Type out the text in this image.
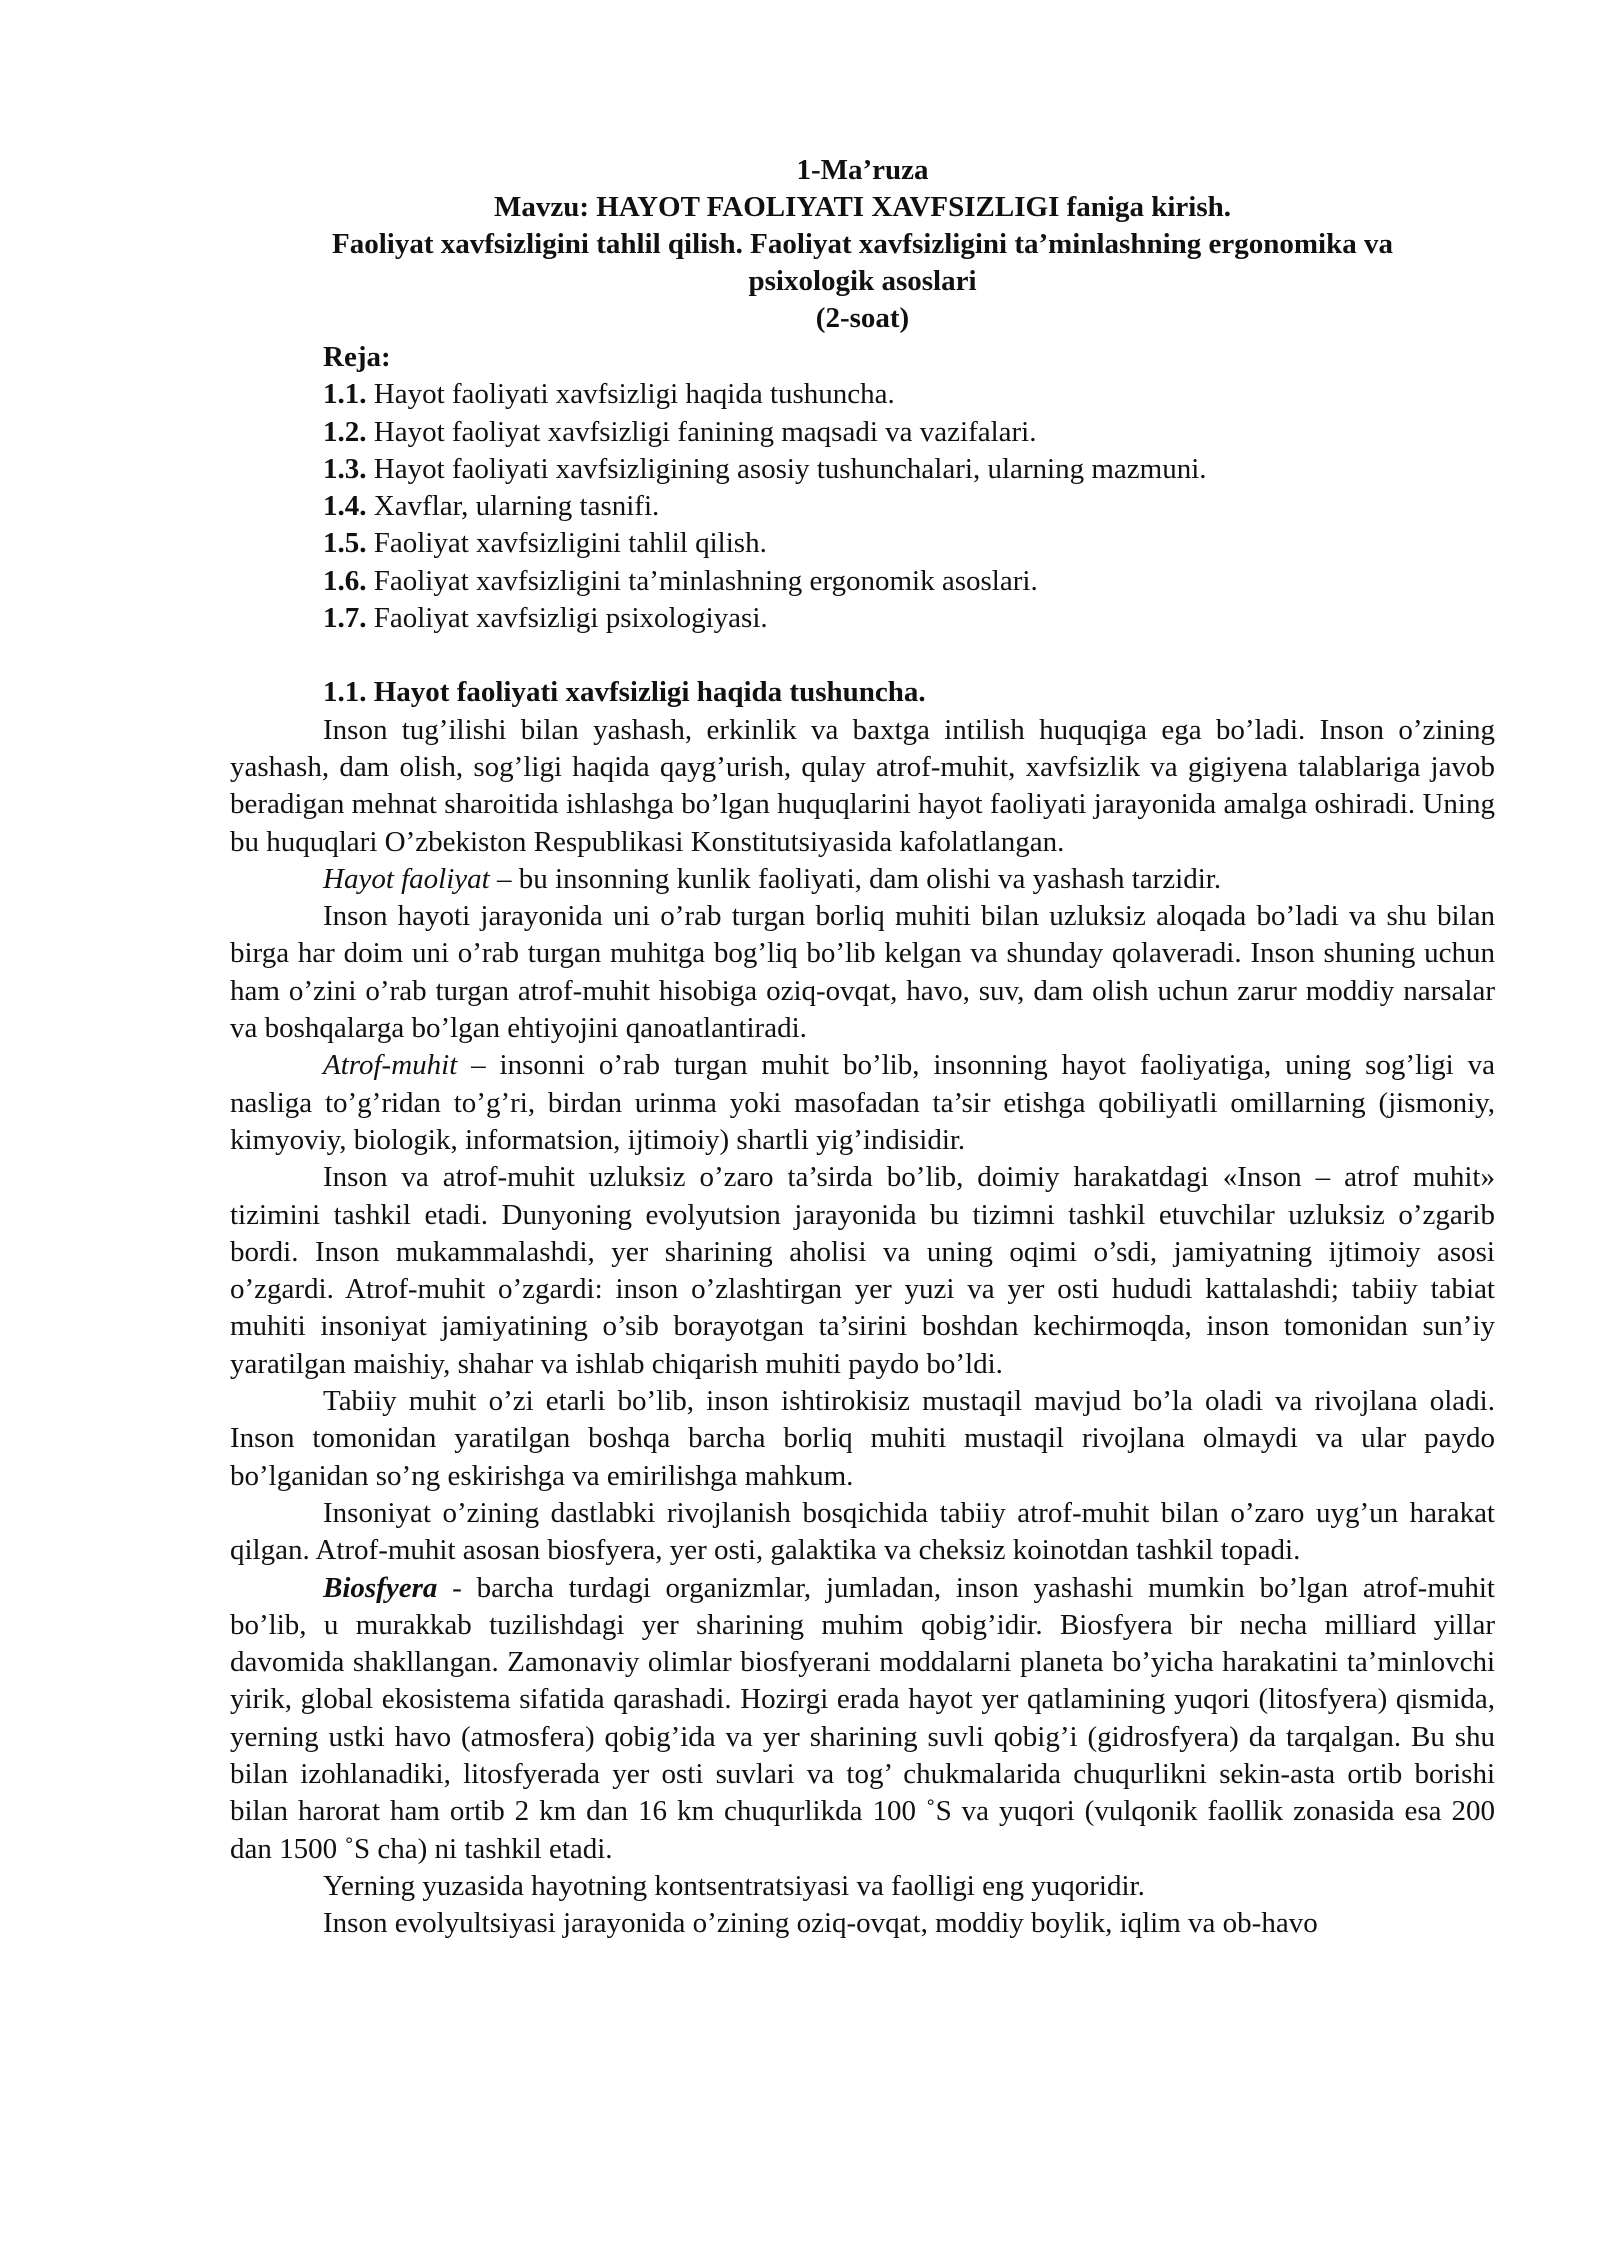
1-Ma’ruza
Mavzu: HAYOT FAOLIYATI XAVFSIZLIGI faniga kirish.
Faoliyat xavfsizligini tahlil qilish. Faoliyat xavfsizligini ta’minlashning ergonomika va
psixologik asoslari
(2-soat)
Reja:
1.1. Hayot faoliyati xavfsizligi haqida tushuncha.
1.2. Hayot faoliyat xavfsizligi fanining maqsadi va vazifalari.
1.3. Hayot faoliyati xavfsizligining asosiy tushunchalari, ularning mazmuni.
1.4. Xavflar, ularning tasnifi.
1.5. Faoliyat xavfsizligini tahlil qilish.
1.6. Faoliyat xavfsizligini ta’minlashning ergonomik asoslari.
1.7. Faoliyat xavfsizligi psixologiyasi.
1.1. Hayot faoliyati xavfsizligi haqida tushuncha.

Inson tug’ilishi bilan yashash, erkinlik va baxtga intilish huquqiga ega bo’ladi. Inson o’zining yashash, dam olish, sog’ligi haqida qayg’urish, qulay atrof-muhit, xavfsizlik va gigiyena talablariga javob beradigan mehnat sharoitida ishlashga bo’lgan huquqlarini hayot faoliyati jarayonida amalga oshiradi. Uning bu huquqlari O’zbekiston Respublikasi Konstitutsiyasida kafolatlangan.

Hayot faoliyat – bu insonning kunlik faoliyati, dam olishi va yashash tarzidir.

Inson hayoti jarayonida uni o’rab turgan borliq muhiti bilan uzluksiz aloqada bo’ladi va shu bilan birga har doim uni o’rab turgan muhitga bog’liq bo’lib kelgan va shunday qolaveradi. Inson shuning uchun ham o’zini o’rab turgan atrof-muhit hisobiga oziq-ovqat, havo, suv, dam olish uchun zarur moddiy narsalar va boshqalarga bo’lgan ehtiyojini qanoatlantiradi.

Atrof-muhit – insonni o’rab turgan muhit bo’lib, insonning hayot faoliyatiga, uning sog’ligi va nasliga to’g’ridan to’g’ri, birdan urinma yoki masofadan ta’sir etishga qobiliyatli omillarning (jismoniy, kimyoviy, biologik, informatsion, ijtimoiy) shartli yig’indisidir.

Inson va atrof-muhit uzluksiz o’zaro ta’sirda bo’lib, doimiy harakatdagi «Inson – atrof muhit» tizimini tashkil etadi. Dunyoning evolyutsion jarayonida bu tizimni tashkil etuvchilar uzluksiz o’zgarib bordi. Inson mukammalashdi, yer sharining aholisi va uning oqimi o’sdi, jamiyatning ijtimoiy asosi o’zgardi. Atrof-muhit o’zgardi: inson o’zlashtirgan yer yuzi va yer osti hududi kattalashdi; tabiiy tabiat muhiti insoniyat jamiyatining o’sib borayotgan ta’sirini boshdan kechirmoqda, inson tomonidan sun’iy yaratilgan maishiy, shahar va ishlab chiqarish muhiti paydo bo’ldi.

Tabiiy muhit o’zi etarli bo’lib, inson ishtirokisiz mustaqil mavjud bo’la oladi va rivojlana oladi. Inson tomonidan yaratilgan boshqa barcha borliq muhiti mustaqil rivojlana olmaydi va ular paydo bo’lganidan so’ng eskirishga va emirilishga mahkum.

Insoniyat o’zining dastlabki rivojlanish bosqichida tabiiy atrof-muhit bilan o’zaro uyg’un harakat qilgan. Atrof-muhit asosan biosfyera, yer osti, galaktika va cheksiz koinotdan tashkil topadi.

Biosfyera - barcha turdagi organizmlar, jumladan, inson yashashi mumkin bo’lgan atrof-muhit bo’lib, u murakkab tuzilishdagi yer sharining muhim qobig’idir. Biosfyera bir necha milliard yillar davomida shakllangan. Zamonaviy olimlar biosfyerani moddalarni planeta bo’yicha harakatini ta’minlovchi yirik, global ekosistema sifatida qarashadi. Hozirgi erada hayot yer qatlamining yuqori (litosfyera) qismida, yerning ustki havo (atmosfera) qobig’ida va yer sharining suvli qobig’i (gidrosfyera) da tarqalgan. Bu shu bilan izohlanadiki, litosfyerada yer osti suvlari va tog’ chukmalarida chuqurlikni sekin-asta ortib borishi bilan harorat ham ortib 2 km dan 16 km chuqurlikda 100 ˚S va yuqori (vulqonik faollik zonasida esa 200 dan 1500 ˚S cha) ni tashkil etadi.

Yerning yuzasida hayotning kontsentratsiyasi va faolligi eng yuqoridir.

Inson evolyultsiyasi jarayonida o’zining oziq-ovqat, moddiy boylik, iqlim va ob-havo
